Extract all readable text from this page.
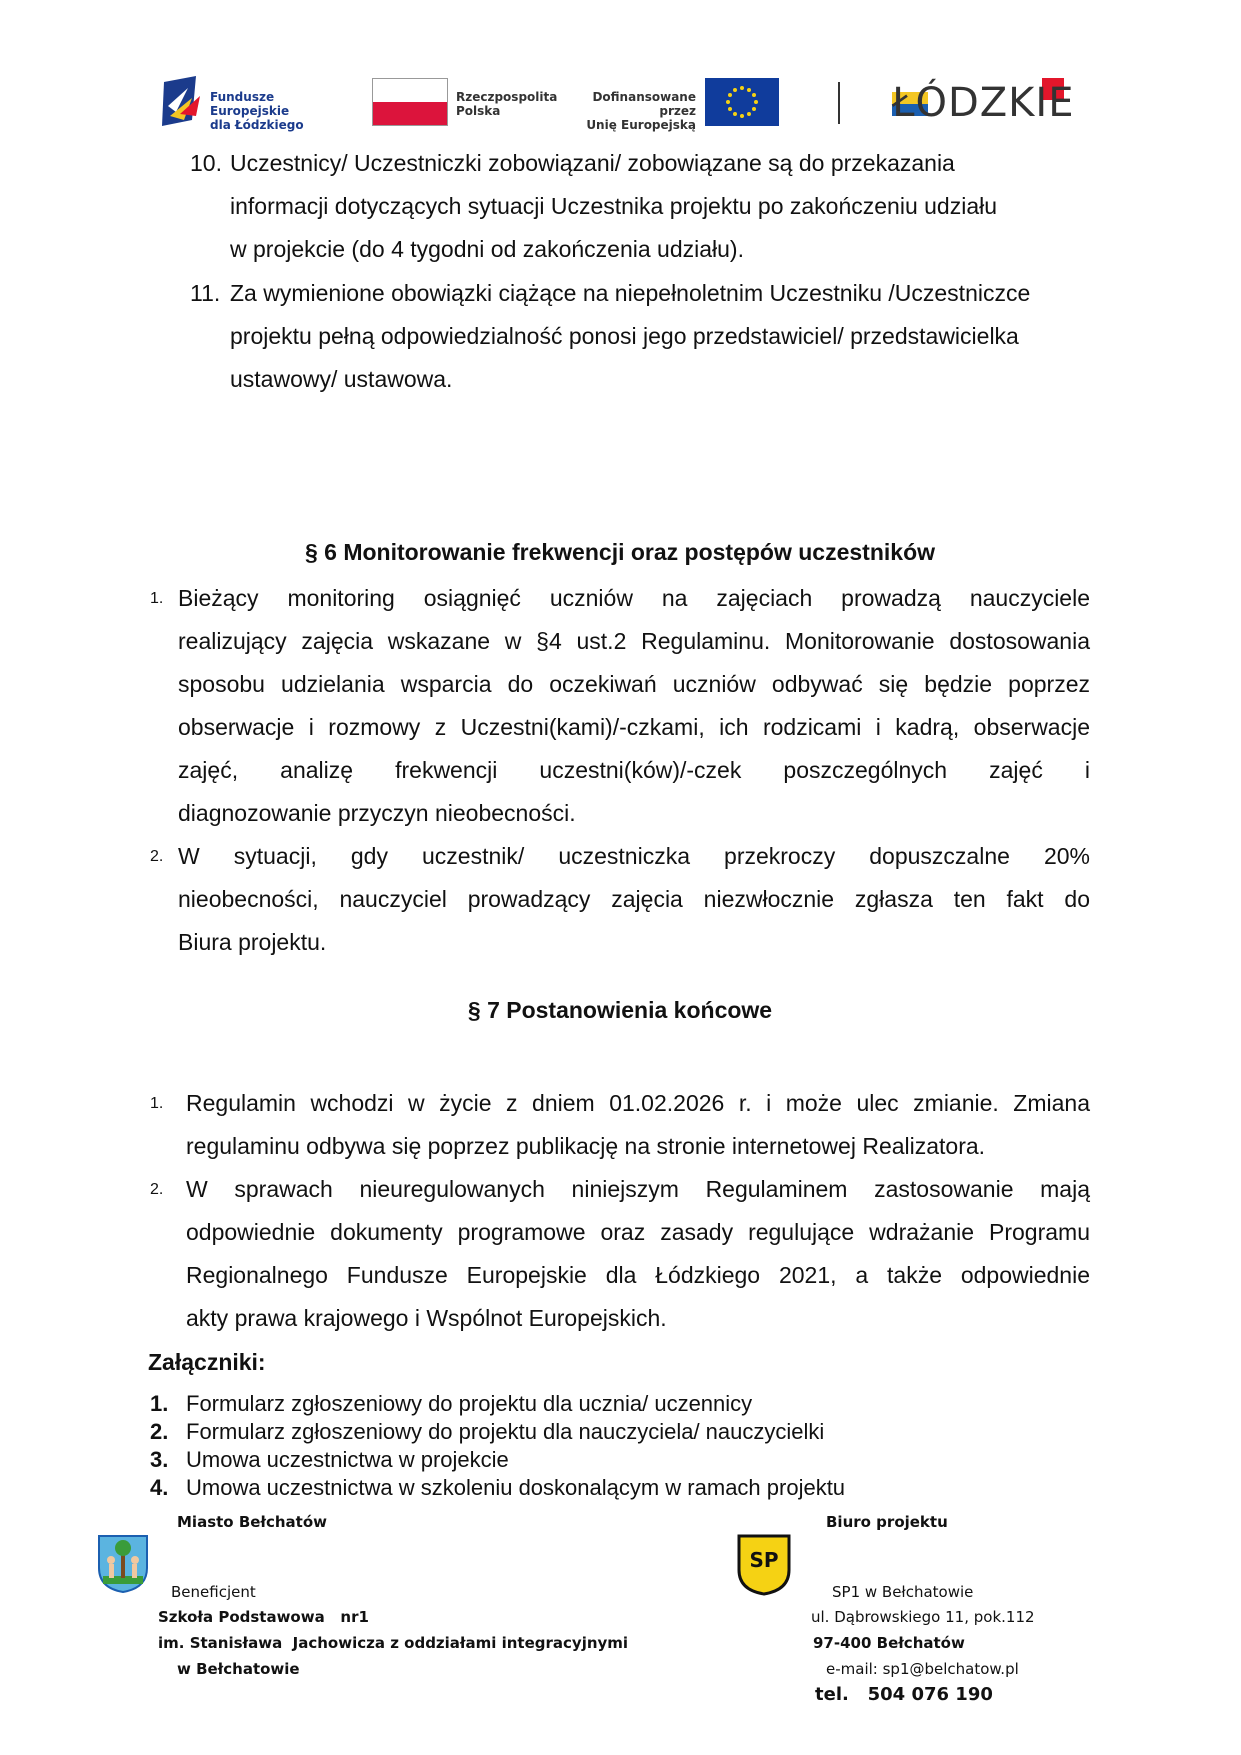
Fundusze Europejskie
dla Łódzkiego
Rzeczpospolita
Polska
Dofinansowane przez
Unię Europejską	ŁÓDZKIE
10. Uczestnicy/ Uczestniczki zobowiązani/ zobowiązane są do przekazania
informacji dotyczących sytuacji Uczestnika projektu po zakończeniu udziału
w projekcie (do 4 tygodni od zakończenia udziału).
11. Za wymienione obowiązki ciążące na niepełnoletnim Uczestniku /Uczestniczce
projektu pełną odpowiedzialność ponosi jego przedstawiciel/ przedstawicielka
ustawowy/ ustawowa.
§ 6 Monitorowanie frekwencji oraz postępów uczestników
1. Bieżący monitoring osiągnięć uczniów na zajęciach prowadzą nauczyciele
realizujący zajęcia wskazane w §4 ust.2 Regulaminu. Monitorowanie dostosowania
sposobu udzielania wsparcia do oczekiwań uczniów odbywać się będzie poprzez
obserwacje i rozmowy z Uczestni(kami)/-czkami, ich rodzicami i kadrą, obserwacje
zajęć, analizę frekwencji uczestni(ków)/-czek poszczególnych zajęć i
diagnozowanie przyczyn nieobecności.
2. W sytuacji, gdy uczestnik/ uczestniczka przekroczy dopuszczalne 20%
nieobecności, nauczyciel prowadzący zajęcia niezwłocznie zgłasza ten fakt do
Biura projektu.
§ 7 Postanowienia końcowe
1. Regulamin wchodzi w życie z dniem 01.02.2026 r. i może ulec zmianie. Zmiana
regulaminu odbywa się poprzez publikację na stronie internetowej Realizatora.
2. W sprawach nieuregulowanych niniejszym Regulaminem zastosowanie mają
odpowiednie dokumenty programowe oraz zasady regulujące wdrażanie Programu
Regionalnego Fundusze Europejskie dla Łódzkiego 2021, a także odpowiednie
akty prawa krajowego i Wspólnot Europejskich.
Załączniki:
1. Formularz zgłoszeniowy do projektu dla ucznia/ uczennicy
2. Formularz zgłoszeniowy do projektu dla nauczyciela/ nauczycielki
3. Umowa uczestnictwa w projekcie
4. Umowa uczestnictwa w szkoleniu doskonalącym w ramach projektu
Miasto Bełchatów
Beneficjent
Szkoła Podstawowa   nr1
im. Stanisława  Jachowicza z oddziałami integracyjnymi
w Bełchatowie
Biuro projektu
SP
SP1 w Bełchatowie
ul. Dąbrowskiego 11, pok.112
97-400 Bełchatów
e-mail: sp1@belchatow.pl
tel.   504 076 190
